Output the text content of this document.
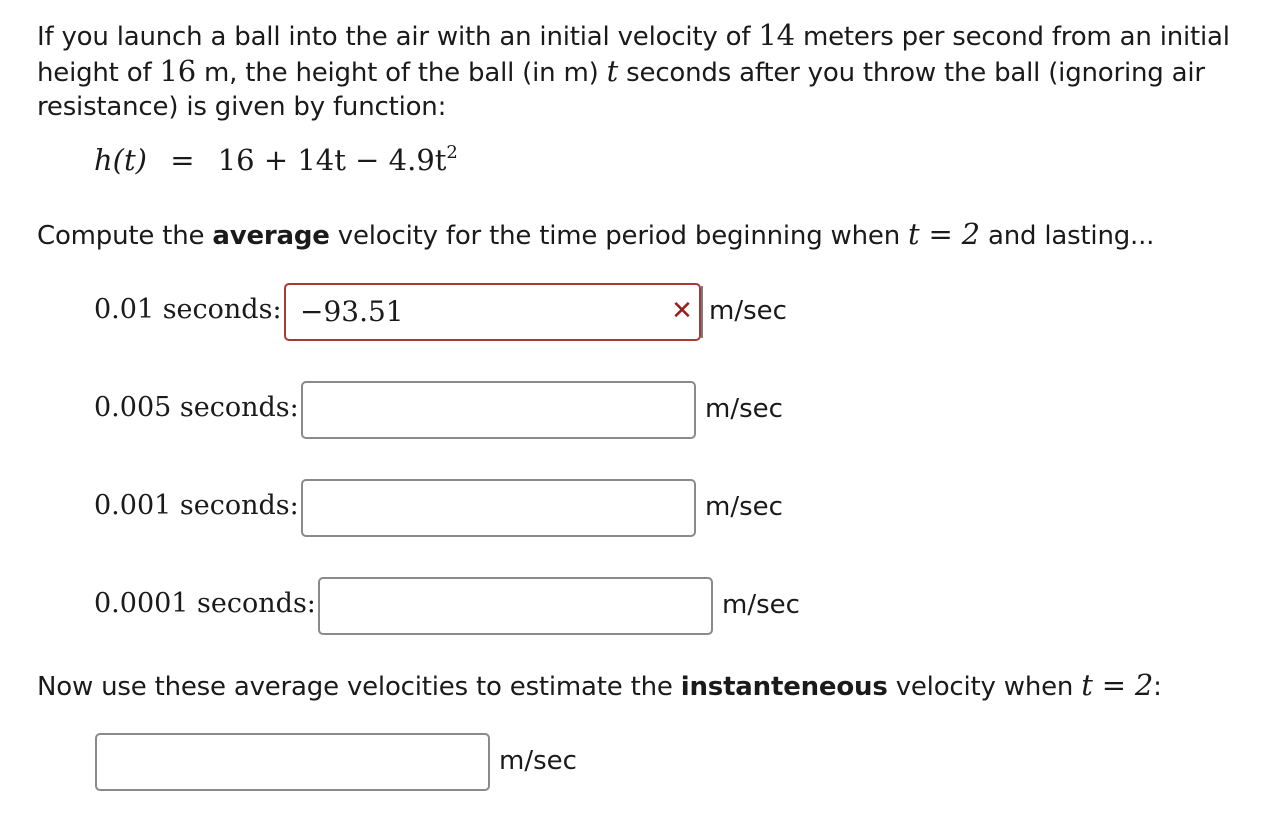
If you launch a ball into the air with an initial velocity of 14 meters per second from an initial height of 16 m, the height of the ball (in m) t seconds after you throw the ball (ignoring air resistance) is given by function:
$h(t) = 16 + 14t - 4.9t^2$
Compute the average velocity for the time period beginning when t = 2 and lasting...
0.01 seconds: −93.51	✕ m/sec
0.005 seconds:	m/sec
0.001 seconds:	m/sec
0.0001 seconds:	m/sec
Now use these average velocities to estimate the instanteneous velocity when t = 2:
m/sec
